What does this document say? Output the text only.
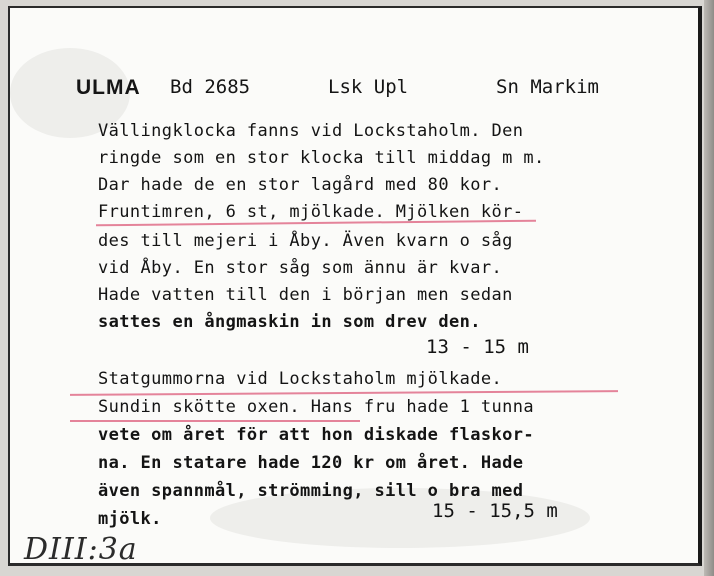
ULMA Bd 2685	Lsk Upl	Sn Markim
Vällingklocka fanns vid Lockstaholm. Den
ringde som en stor klocka till middag m m.
Dar hade de en stor lagård med 80 kor.
Fruntimren, 6 st, mjölkade. Mjölken kör-
des till mejeri i Åby. Även kvarn o såg
vid Åby. En stor såg som ännu är kvar.
Hade vatten till den i början men sedan
sattes en ångmaskin in som drev den.
13 - 15 m
Statgummorna vid Lockstaholm mjölkade.
Sundin skötte oxen. Hans fru hade 1 tunna
vete om året för att hon diskade flaskor-
na. En statare hade 120 kr om året. Hade
även spannmål, strömming, sill o bra med
mjölk.	15 - 15,5 m
DIII:3a
